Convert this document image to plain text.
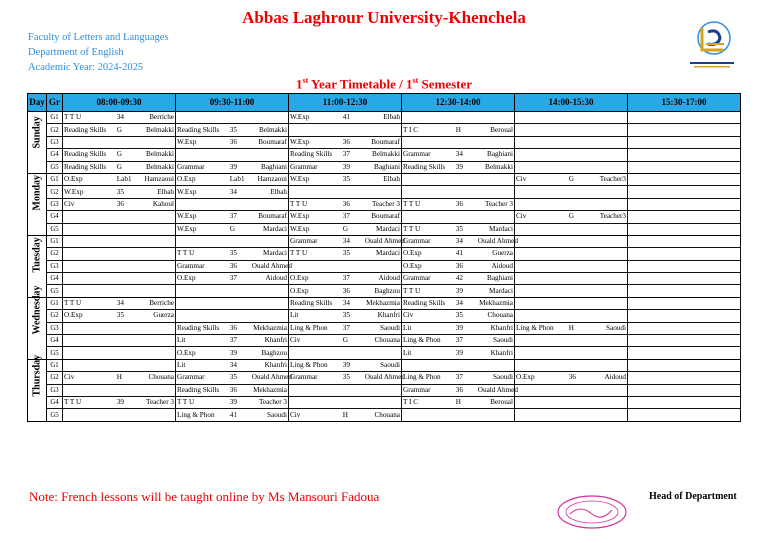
Abbas Laghrour University-Khenchela
Faculty of Letters and Languages
Department of English
Academic Year: 2024-2025
1st Year Timetable / 1st Semester
Day	Gr	08:00-09:30	09:30-11:00	11:00-12:30	12:30-14:00	14:00-15:30	15:30-17:00

Sunday	G1	T T U 34 Berriche		W.Exp 41 Elbah			

	G2	Reading Skills G Belmakki	Reading Skills 35 Belmakki		T I C H Beroual		

	G3		W.Exp 36 Boumaraf	W.Exp 36 Boumaraf			

	G4	Reading Skills G Belmakki		Reading Skills 37 Belmakki	Grammar 34 Baghiani		

	G5	Reading Skills G Belmakki	Grammar 39 Baghiani	Grammar 39 Baghiani	Reading Skills 39 Belmakki		

Monday	G1	O.Exp Lab1 Hamzaoui	O.Exp Lab1 Hamzaoui	W.Exp 35 Elbah		Civ G Teacher3	

	G2	W.Exp 35 Elbah	W.Exp 34 Elbah				

	G3	Civ 36 Kahoul		T T U 36 Teacher 3	T T U 36 Teacher 3		

	G4		W.Exp 37 Boumaraf	W.Exp 37 Boumaraf		Civ G Teacher3	

	G5		W.Exp G Mardaci	W.Exp G Mardaci	T T U 35 Mardaci		

Tuesday	G1			Grammar 34 Ouald Ahmed	Grammar 34 Ouald Ahmed		

	G2		T T U 35 Mardaci	T T U 35 Mardaci	O.Exp 41 Guerza		

	G3		Grammar 36 Ouald Ahmed		O.Exp 36 Aidoud		

	G4		O.Exp 37 Aidoud	O.Exp 37 Aidoud	Grammar 42 Baghiani		

	G5			O.Exp 36 Baghzou	T T U 39 Mardaci		

Wednesday	G1	T T U 34 Berriche		Reading Skills 34 Mekhazmia	Reading Skills 34 Mekhazmia		

	G2	O.Exp 35 Guerza		Lit 35 Khanfri	Civ 35 Chouana		

	G3		Reading Skills 36 Mekhazmia	Ling & Phon 37 Saoudi	Lit 39 Khanfri	Ling & Phon H Saoudi	

	G4		Lit 37 Khanfri	Civ G Chouana	Ling & Phon 37 Saoudi		

	G5		O.Exp 39 Baghzou		Lit 39 Khanfri		

Thursday	G1		Lit 34 Khanfri	Ling & Phon 39 Saoudi			

	G2	Civ H Chouana	Grammar 35 Ouald Ahmed	Grammar 35 Ouald Ahmed	Ling & Phon 37 Saoudi	O.Exp 36 Aidoud	

	G3		Reading Skills 36 Mekhazmia		Grammar 36 Ouald Ahmed		

	G4	T T U 39 Teacher 3	T T U 39 Teacher 3		T I C H Beroual		

	G5		Ling & Phon 41 Saoudi	Civ H Chouana			

Note: French lessons will be taught online by Ms Mansouri Fadoua	Head of Department
